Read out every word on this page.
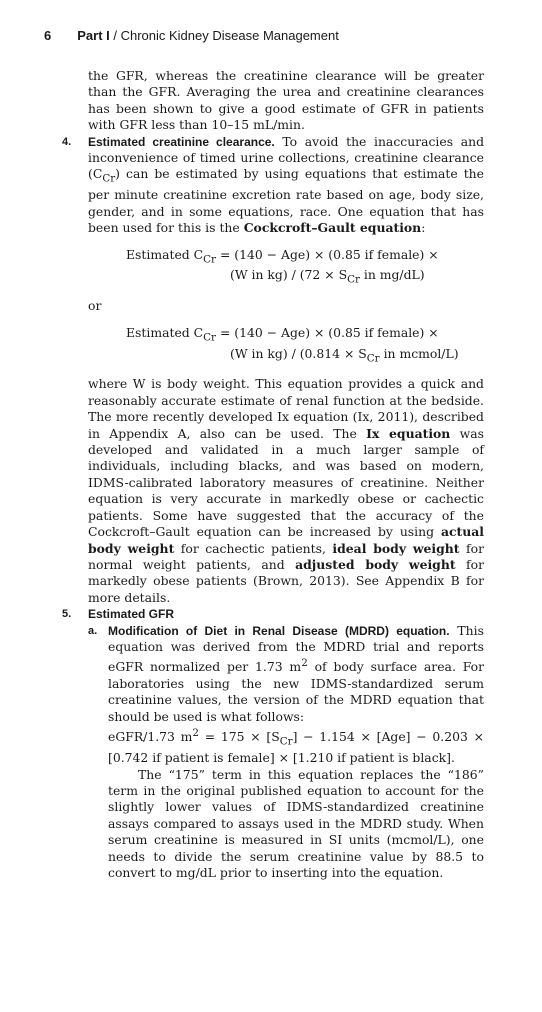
6 Part I / Chronic Kidney Disease Management

the GFR, whereas the creatinine clearance will be greater than the GFR. Averaging the urea and creatinine clearances has been shown to give a good estimate of GFR in patients with GFR less than 10–15 mL/min.

4. Estimated creatinine clearance. To avoid the inaccuracies and inconvenience of timed urine collections, creatinine clearance $(C_{Cr})$ can be estimated by using equations that estimate the per minute creatinine excretion rate based on age, body size, gender, and in some equations, race. One equation that has been used for this is the Cockcroft–Gault equation:

Estimated $C_{Cr} = (140 - Age) \times (0.85$ if female) ×
(W in $kg) / (72 \times S_{Cr}$ in mg/dL)
or
Estimated $C_{Cr} = (140 - Age) \times (0.85$ if female) ×
(W in $kg) / (0.814 \times S_{Cr}$ in mcmol/L)

where W is body weight. This equation provides a quick and reasonably accurate estimate of renal function at the bedside. The more recently developed Ix equation (Ix, 2011), described in Appendix A, also can be used. The Ix equation was developed and validated in a much larger sample of individuals, including blacks, and was based on modern, IDMS-calibrated laboratory measures of creatinine. Neither equation is very accurate in markedly obese or cachectic patients. Some have suggested that the accuracy of the Cockcroft–Gault equation can be increased by using actual body weight for cachectic patients, ideal body weight for normal weight patients, and adjusted body weight for markedly obese patients (Brown, 2013). See Appendix B for more details.

5. Estimated GFR

a. Modification of Diet in Renal Disease (MDRD) equation. This equation was derived from the MDRD trial and reports eGFR normalized per 1.73 $m^2$ of body surface area. For laboratories using the new IDMS-standardized serum creatinine values, the version of the MDRD equation that should be used is what follows:

eGFR/1.73 $m^2 = 175 \times [S_{Cr}] - 1.154 \times [Age] - 0.203 \times [0.742$ if patient is female] × [1.210 if patient is black].

The “175” term in this equation replaces the “186” term in the original published equation to account for the slightly lower values of IDMS-standardized creatinine assays compared to assays used in the MDRD study. When serum creatinine is measured in SI units (mcmol/L), one needs to divide the serum creatinine value by 88.5 to convert to mg/dL prior to inserting into the equation.
